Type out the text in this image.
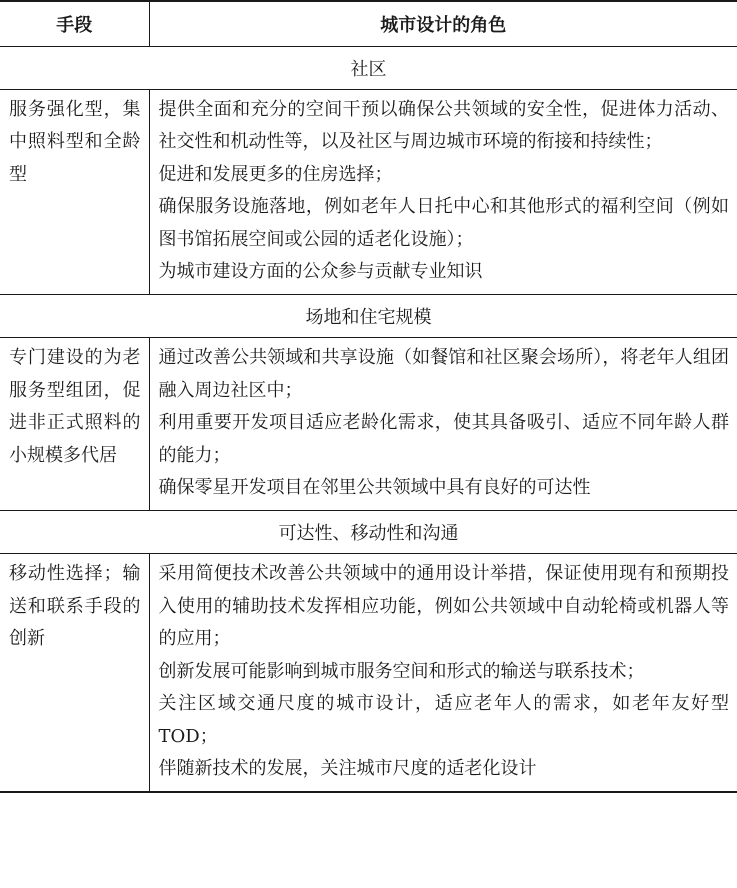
手段	城市设计的角色
社区	
服务强化型，集中照料型和全龄型	提供全面和充分的空间干预以确保公共领域的安全性，促进体力活动、社交性和机动性等，以及社区与周边城市环境的衔接和持续性；

促进和发展更多的住房选择；

确保服务设施落地，例如老年人日托中心和其他形式的福利空间（例如图书馆拓展空间或公园的适老化设施）；

为城市建设方面的公众参与贡献专业知识

场地和住宅规模	
专门建设的为老服务型组团，促进非正式照料的小规模多代居	通过改善公共领域和共享设施（如餐馆和社区聚会场所），将老年人组团融入周边社区中；

利用重要开发项目适应老龄化需求，使其具备吸引、适应不同年龄人群的能力；

确保零星开发项目在邻里公共领域中具有良好的可达性

可达性、移动性和沟通	
移动性选择；输送和联系手段的创新	采用简便技术改善公共领域中的通用设计举措，保证使用现有和预期投入使用的辅助技术发挥相应功能，例如公共领域中自动轮椅或机器人等的应用；

创新发展可能影响到城市服务空间和形式的输送与联系技术；

关注区域交通尺度的城市设计，适应老年人的需求，如老年友好型 TOD；

伴随新技术的发展，关注城市尺度的适老化设计
